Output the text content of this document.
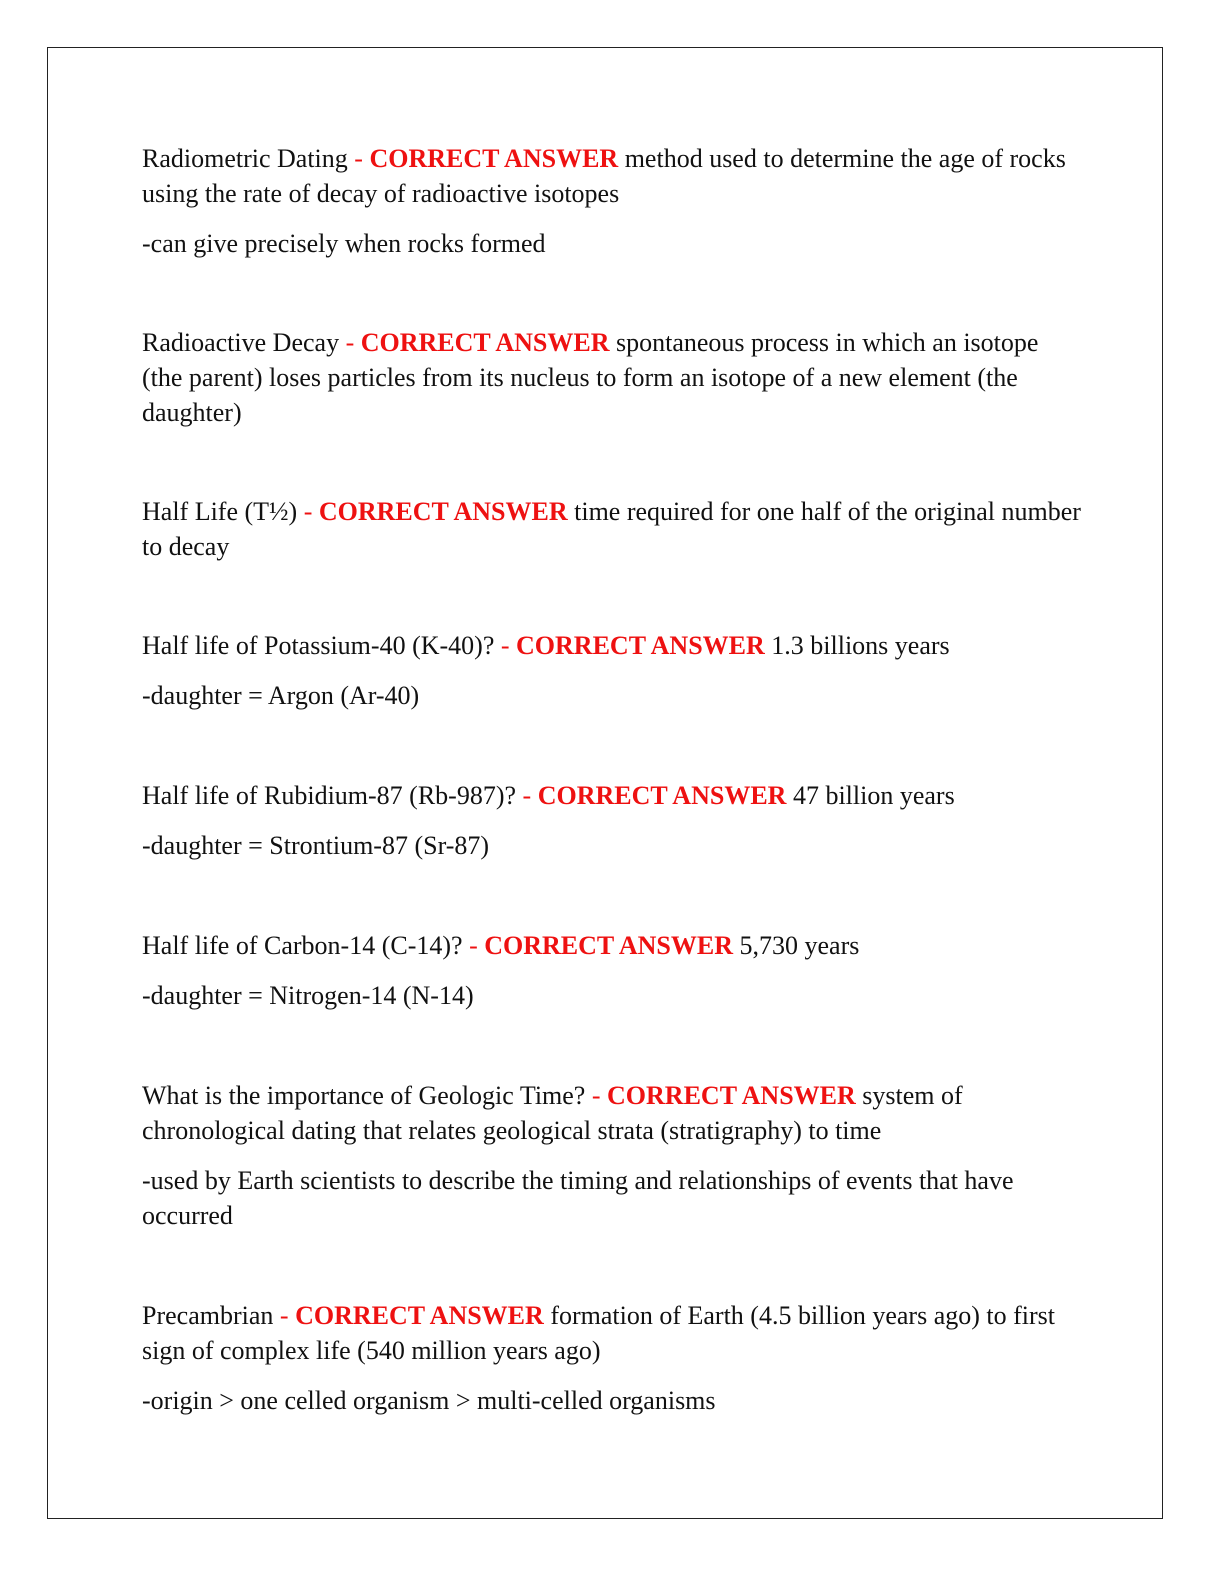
Radiometric Dating - CORRECT ANSWER method used to determine the age of rocks using the rate of decay of radioactive isotopes

-can give precisely when rocks formed

Radioactive Decay - CORRECT ANSWER spontaneous process in which an isotope (the parent) loses particles from its nucleus to form an isotope of a new element (the daughter)

Half Life (T½) - CORRECT ANSWER time required for one half of the original number to decay

Half life of Potassium-40 (K-40)? - CORRECT ANSWER 1.3 billions years

-daughter = Argon (Ar-40)

Half life of Rubidium-87 (Rb-987)? - CORRECT ANSWER 47 billion years

-daughter = Strontium-87 (Sr-87)

Half life of Carbon-14 (C-14)? - CORRECT ANSWER 5,730 years

-daughter = Nitrogen-14 (N-14)

What is the importance of Geologic Time? - CORRECT ANSWER system of chronological dating that relates geological strata (stratigraphy) to time

-used by Earth scientists to describe the timing and relationships of events that have occurred

Precambrian - CORRECT ANSWER formation of Earth (4.5 billion years ago) to first sign of complex life (540 million years ago)

-origin > one celled organism > multi-celled organisms
